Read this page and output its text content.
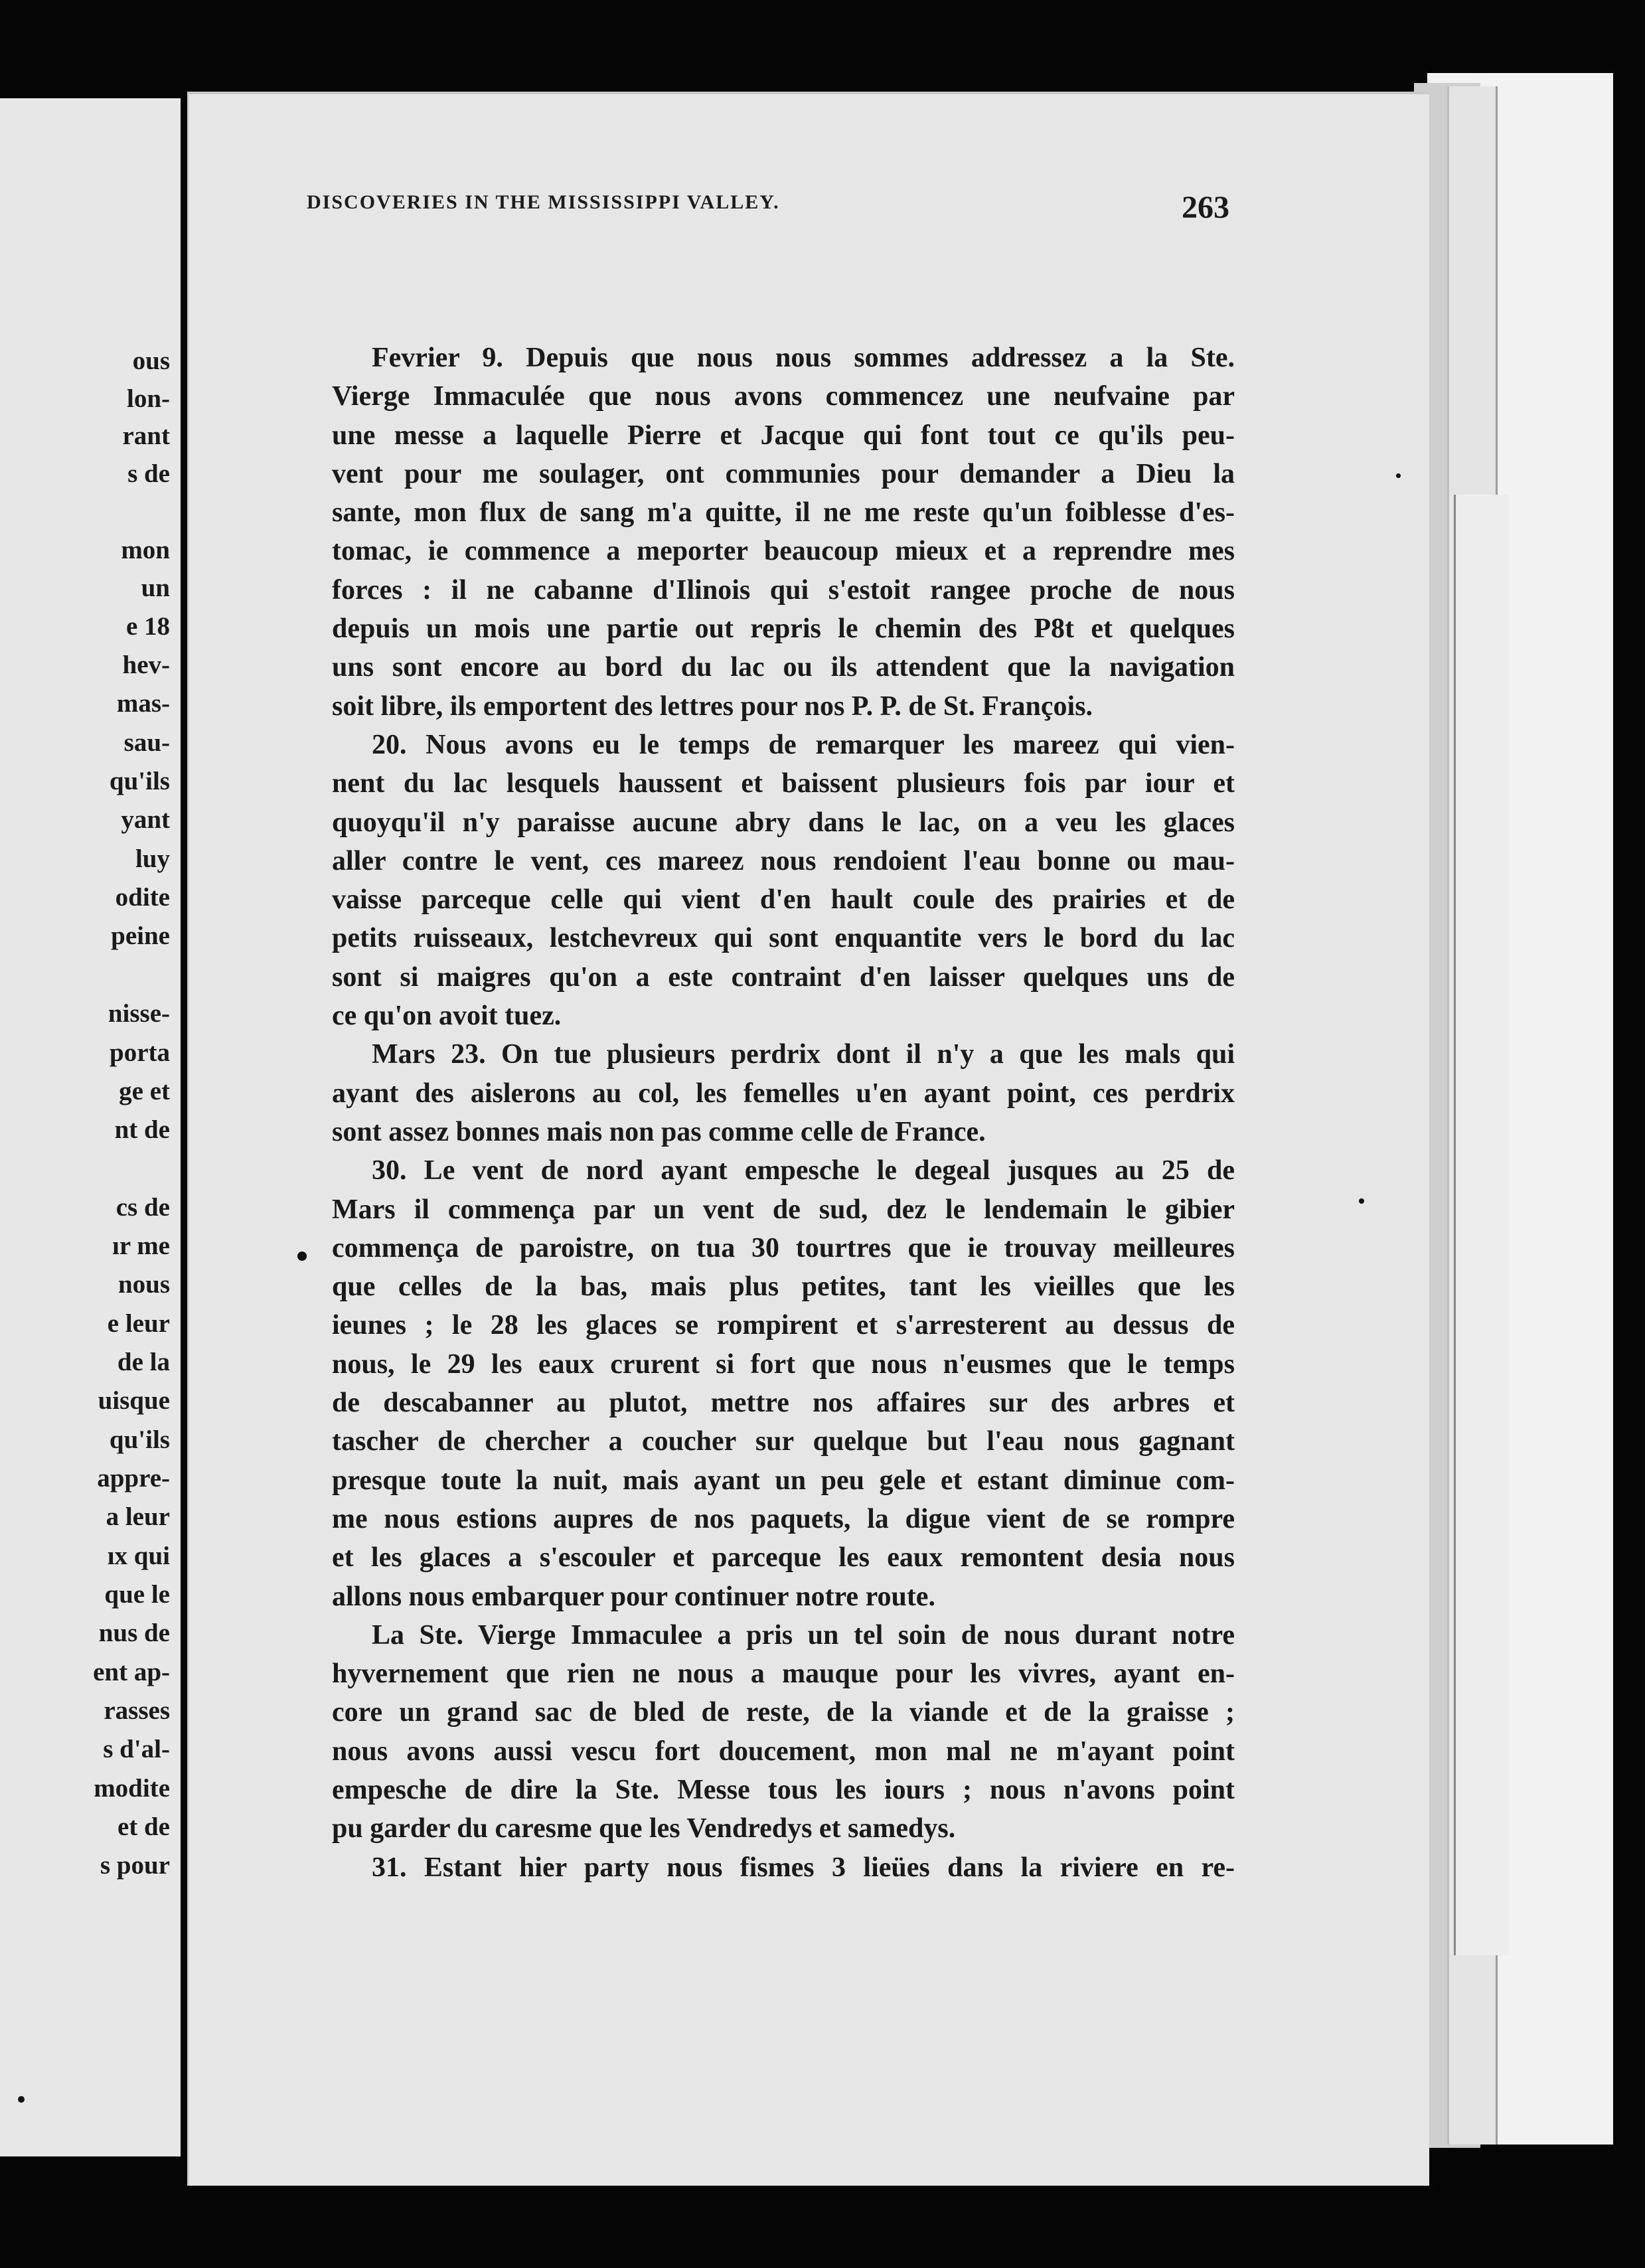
ous
lon-
rant
s de
mon
un
e 18
hev-
mas-
sau-
qu'ils
yant
luy
odite
peine
nisse-
porta
ge et
nt de
cs de
ır me
nous
e leur
de la
uisque
qu'ils
appre-
a leur
ıx qui
que le
nus de
ent ap-
rasses
s d'al-
modite
et de
s pour
DISCOVERIES IN THE MISSISSIPPI VALLEY.	263
Fevrier 9. Depuis que nous nous sommes addressez a la Ste.
Vierge Immaculée que nous avons commencez une neufvaine par
une messe a laquelle Pierre et Jacque qui font tout ce qu'ils peu-
vent pour me soulager, ont communies pour demander a Dieu la
sante, mon flux de sang m'a quitte, il ne me reste qu'un foiblesse d'es-
tomac, ie commence a meporter beaucoup mieux et a reprendre mes
forces : il ne cabanne d'Ilinois qui s'estoit rangee proche de nous
depuis un mois une partie out repris le chemin des P8t et quelques
uns sont encore au bord du lac ou ils attendent que la navigation
soit libre, ils emportent des lettres pour nos P. P. de St. François.
20. Nous avons eu le temps de remarquer les mareez qui vien-
nent du lac lesquels haussent et baissent plusieurs fois par iour et
quoyqu'il n'y paraisse aucune abry dans le lac, on a veu les glaces
aller contre le vent, ces mareez nous rendoient l'eau bonne ou mau-
vaisse parceque celle qui vient d'en hault coule des prairies et de
petits ruisseaux, lestchevreux qui sont enquantite vers le bord du lac
sont si maigres qu'on a este contraint d'en laisser quelques uns de
ce qu'on avoit tuez.
Mars 23. On tue plusieurs perdrix dont il n'y a que les mals qui
ayant des aislerons au col, les femelles u'en ayant point, ces perdrix
sont assez bonnes mais non pas comme celle de France.
30. Le vent de nord ayant empesche le degeal jusques au 25 de
Mars il commença par un vent de sud, dez le lendemain le gibier
commença de paroistre, on tua 30 tourtres que ie trouvay meilleures
que celles de la bas, mais plus petites, tant les vieilles que les
ieunes ; le 28 les glaces se rompirent et s'arresterent au dessus de
nous, le 29 les eaux crurent si fort que nous n'eusmes que le temps
de descabanner au plutot, mettre nos affaires sur des arbres et
tascher de chercher a coucher sur quelque but l'eau nous gagnant
presque toute la nuit, mais ayant un peu gele et estant diminue com-
me nous estions aupres de nos paquets, la digue vient de se rompre
et les glaces a s'escouler et parceque les eaux remontent desia nous
allons nous embarquer pour continuer notre route.
La Ste. Vierge Immaculee a pris un tel soin de nous durant notre
hyvernement que rien ne nous a mauque pour les vivres, ayant en-
core un grand sac de bled de reste, de la viande et de la graisse ;
nous avons aussi vescu fort doucement, mon mal ne m'ayant point
empesche de dire la Ste. Messe tous les iours ; nous n'avons point
pu garder du caresme que les Vendredys et samedys.
31. Estant hier party nous fismes 3 lieües dans la riviere en re-
